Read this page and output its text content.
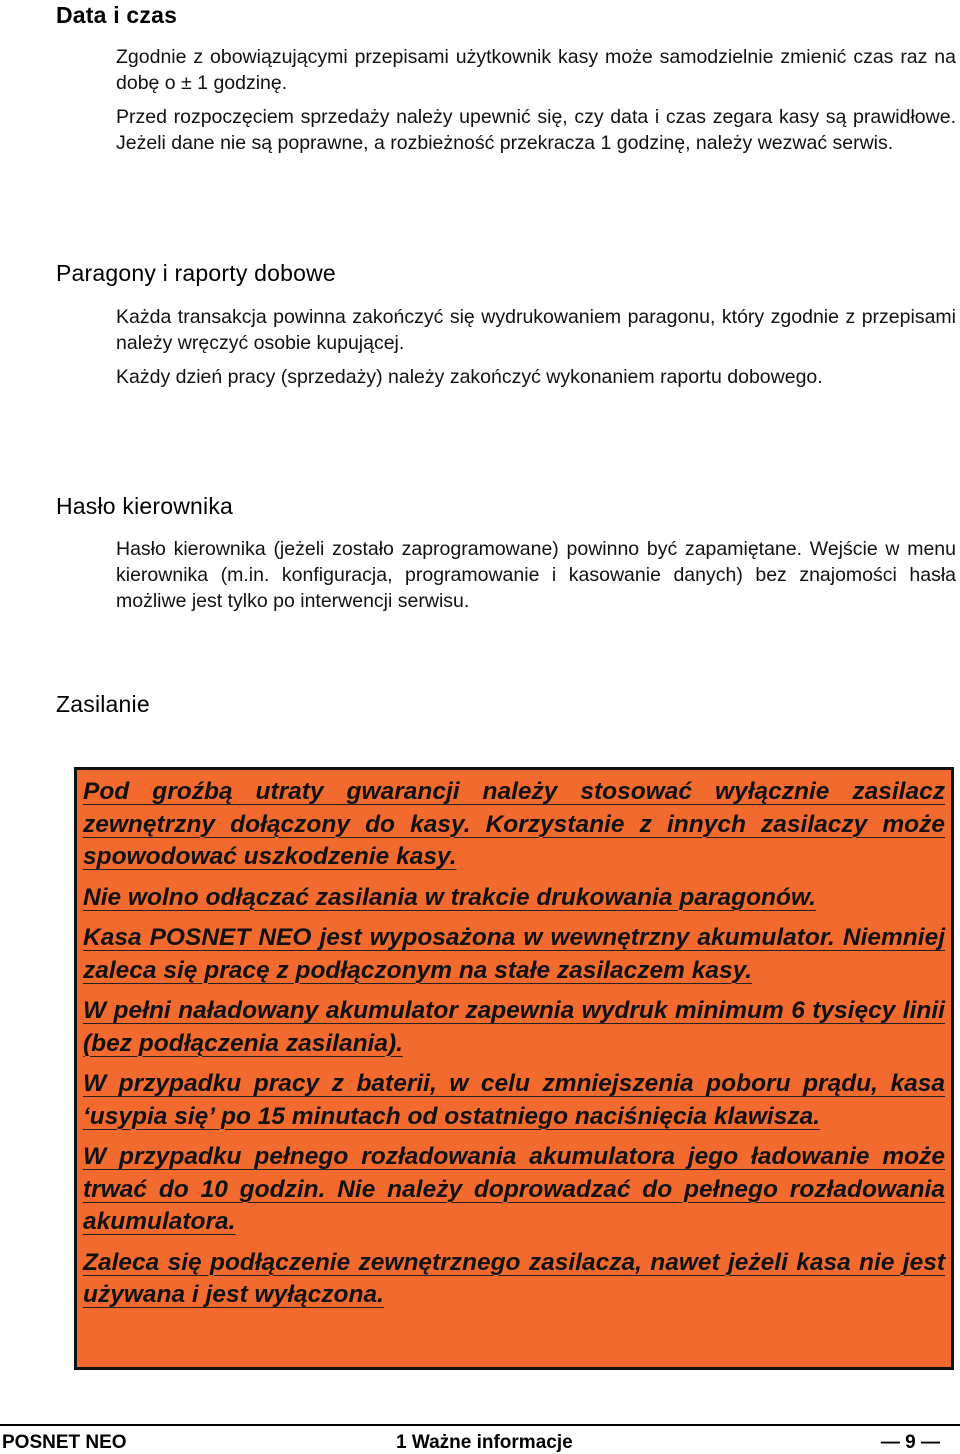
Data i czas

Zgodnie z obowiązującymi przepisami użytkownik kasy może samodzielnie zmienić czas raz na dobę o ± 1 godzinę.

Przed rozpoczęciem sprzedaży należy upewnić się, czy data i czas zegara kasy są prawidłowe. Jeżeli dane nie są poprawne, a rozbieżność przekracza 1 godzinę, należy wezwać serwis.

Paragony i raporty dobowe

Każda transakcja powinna zakończyć się wydrukowaniem paragonu, który zgodnie z przepisami należy wręczyć osobie kupującej.

Każdy dzień pracy (sprzedaży) należy zakończyć wykonaniem raportu dobowego.

Hasło kierownika

Hasło kierownika (jeżeli zostało zaprogramowane) powinno być zapamiętane. Wejście w menu kierownika (m.in. konfiguracja, programowanie i kasowanie danych) bez znajomości hasła możliwe jest tylko po interwencji serwisu.

Zasilanie

Pod groźbą utraty gwarancji należy stosować wyłącznie zasilacz zewnętrzny dołączony do kasy. Korzystanie z innych zasilaczy może spowodować uszkodzenie kasy.

Nie wolno odłączać zasilania w trakcie drukowania paragonów.

Kasa POSNET NEO jest wyposażona w wewnętrzny akumulator. Niemniej zaleca się pracę z podłączonym na stałe zasilaczem kasy.

W pełni naładowany akumulator zapewnia wydruk minimum 6 tysięcy linii (bez podłączenia zasilania).

W przypadku pracy z baterii, w celu zmniejszenia poboru prądu, kasa ‘usypia się’ po 15 minutach od ostatniego naciśnięcia klawisza.

W przypadku pełnego rozładowania akumulatora jego ładowanie może trwać do 10 godzin. Nie należy doprowadzać do pełnego rozładowania akumulatora.

Zaleca się podłączenie zewnętrznego zasilacza, nawet jeżeli kasa nie jest używana i jest wyłączona.

POSNET NEO	1 Ważne informacje	— 9 —
